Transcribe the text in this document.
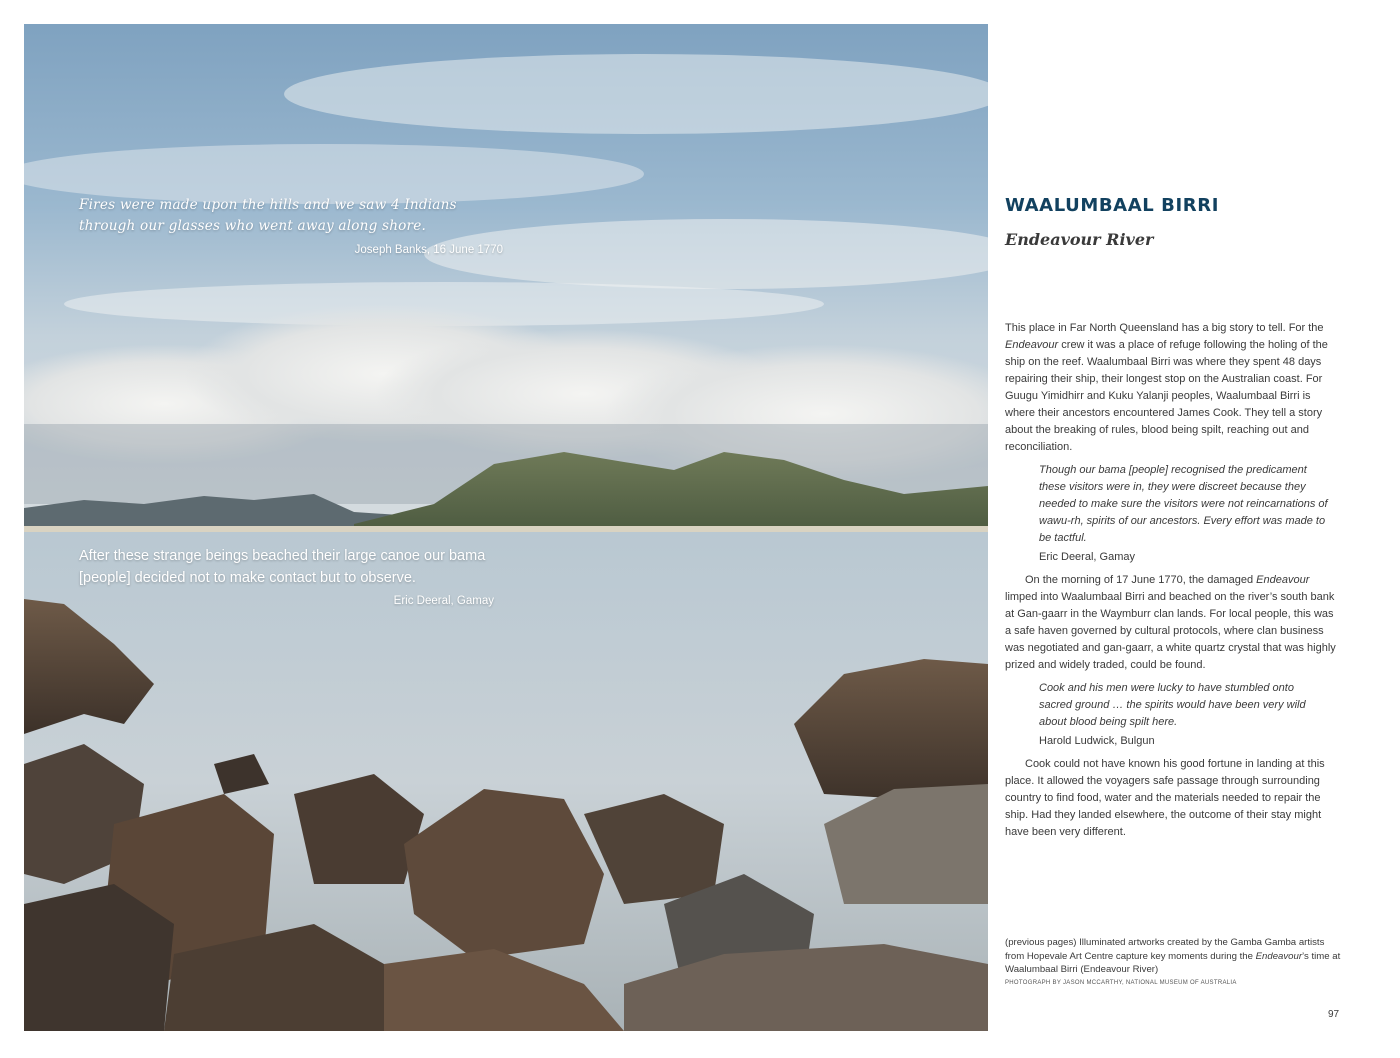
Fires were made upon the hills and we saw 4 Indians through our glasses who went away along shore.
Joseph Banks, 16 June 1770
After these strange beings beached their large canoe our bama [people] decided not to make contact but to observe.
Eric Deeral, Gamay
WAALUMBAAL BIRRI
Endeavour River

This place in Far North Queensland has a big story to tell. For the Endeavour crew it was a place of refuge following the holing of the ship on the reef. Waalumbaal Birri was where they spent 48 days repairing their ship, their longest stop on the Australian coast. For Guugu Yimidhirr and Kuku Yalanji peoples, Waalumbaal Birri is where their ancestors encountered James Cook. They tell a story about the breaking of rules, blood being spilt, reaching out and reconciliation.

Though our bama [people] recognised the predicament these visitors were in, they were discreet because they needed to make sure the visitors were not reincarnations of wawu-rh, spirits of our ancestors. Every effort was made to be tactful.

Eric Deeral, Gamay

On the morning of 17 June 1770, the damaged Endeavour limped into Waalumbaal Birri and beached on the river’s south bank at Gan-gaarr in the Waymburr clan lands. For local people, this was a safe haven governed by cultural protocols, where clan business was negotiated and gan-gaarr, a white quartz crystal that was highly prized and widely traded, could be found.

Cook and his men were lucky to have stumbled onto sacred ground … the spirits would have been very wild about blood being spilt here.

Harold Ludwick, Bulgun

Cook could not have known his good fortune in landing at this place. It allowed the voyagers safe passage through surrounding country to find food, water and the materials needed to repair the ship. Had they landed elsewhere, the outcome of their stay might have been very different.

(previous pages) Illuminated artworks created by the Gamba Gamba artists from Hopevale Art Centre capture key moments during the Endeavour’s time at Waalumbaal Birri (Endeavour River)
PHOTOGRAPH BY JASON MCCARTHY, NATIONAL MUSEUM OF AUSTRALIA
97
